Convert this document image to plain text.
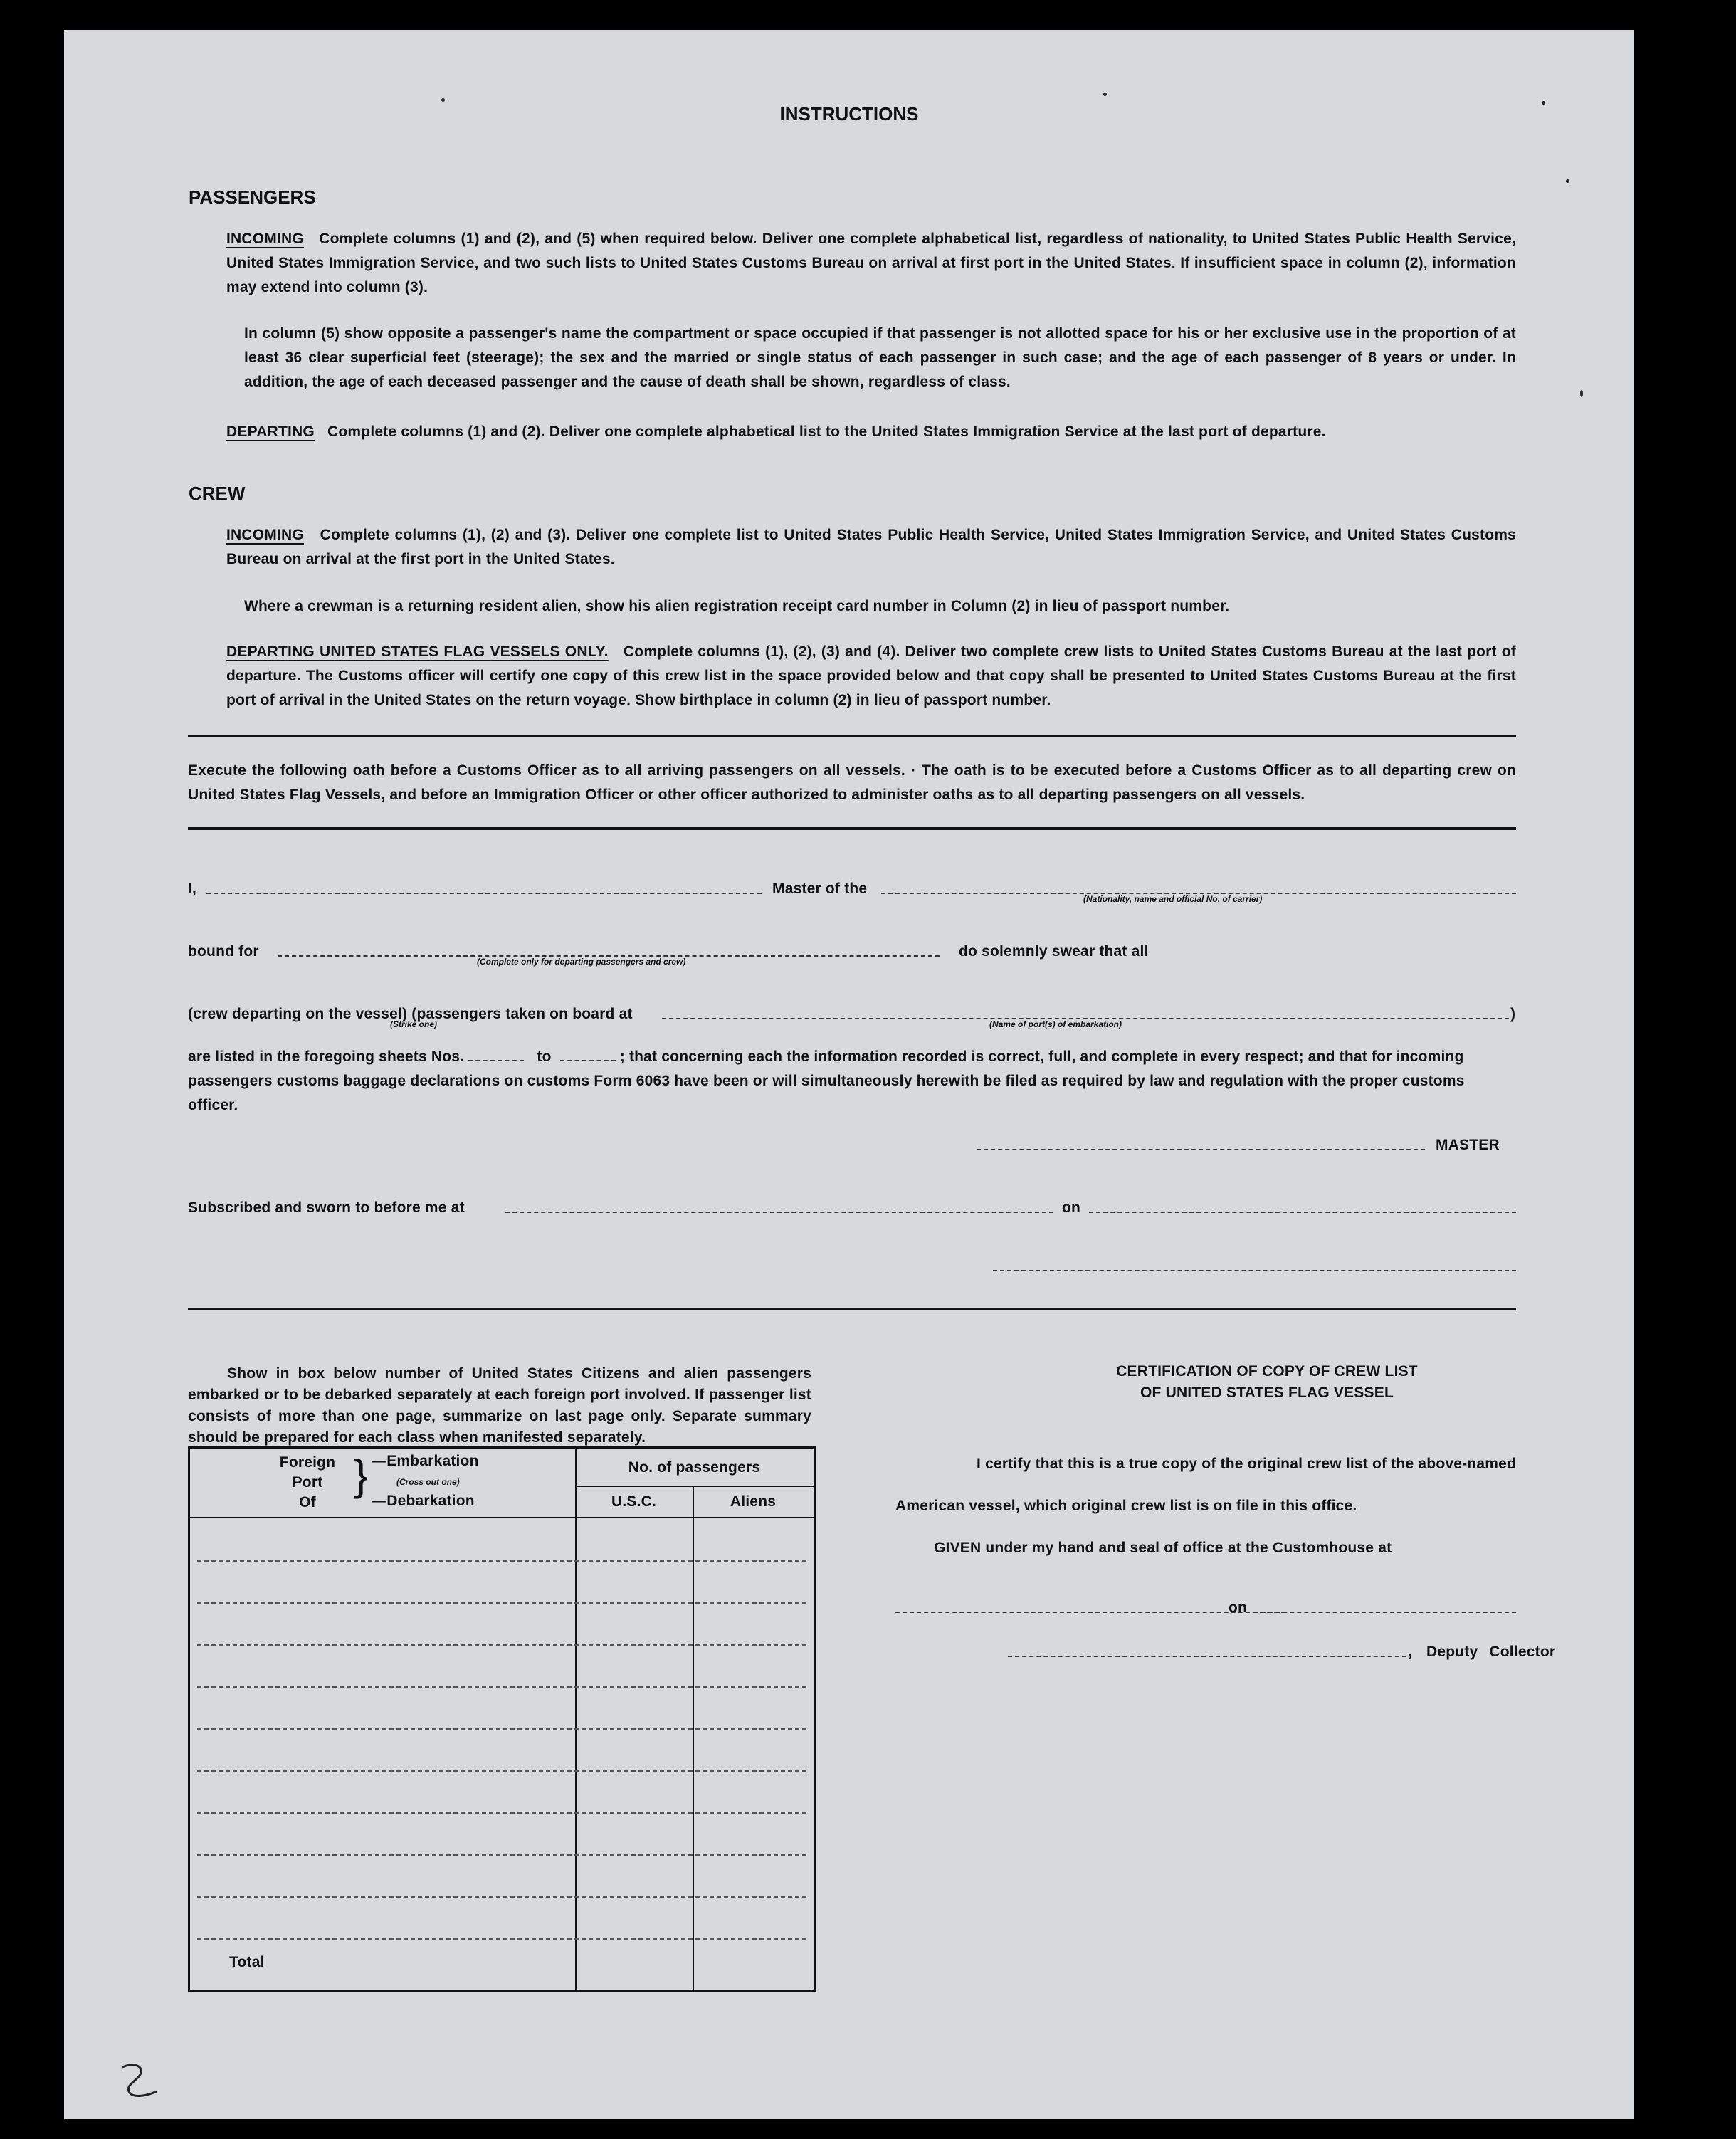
INSTRUCTIONS
PASSENGERS
INCOMING Complete columns (1) and (2), and (5) when required below. Deliver one complete alphabetical list, regardless of nationality, to United States Public Health Service, United States Immigration Service, and two such lists to United States Customs Bureau on arrival at first port in the United States. If insufficient space in column (2), information may extend into column (3).
In column (5) show opposite a passenger's name the compartment or space occupied if that passenger is not allotted space for his or her exclusive use in the proportion of at least 36 clear superficial feet (steerage); the sex and the married or single status of each passenger in such case; and the age of each passenger of 8 years or under. In addition, the age of each deceased passenger and the cause of death shall be shown, regardless of class.
DEPARTING Complete columns (1) and (2). Deliver one complete alphabetical list to the United States Immigration Service at the last port of departure.
CREW
INCOMING Complete columns (1), (2) and (3). Deliver one complete list to United States Public Health Service, United States Immigration Service, and United States Customs Bureau on arrival at the first port in the United States.
Where a crewman is a returning resident alien, show his alien registration receipt card number in Column (2) in lieu of passport number.
DEPARTING UNITED STATES FLAG VESSELS ONLY. Complete columns (1), (2), (3) and (4). Deliver two complete crew lists to United States Customs Bureau at the last port of departure. The Customs officer will certify one copy of this crew list in the space provided below and that copy shall be presented to United States Customs Bureau at the first port of arrival in the United States on the return voyage. Show birthplace in column (2) in lieu of passport number.
Execute the following oath before a Customs Officer as to all arriving passengers on all vessels. · The oath is to be executed before a Customs Officer as to all departing crew on United States Flag Vessels, and before an Immigration Officer or other officer authorized to administer oaths as to all departing passengers on all vessels.
I,	Master of the
(Nationality, name and official No. of carrier)
bound for
(Complete only for departing passengers and crew)
do solemnly swear that all
(crew departing on the vessel) (passengers taken on board at	)
(Strike one)	(Name of port(s) of embarkation)
are listed in the foregoing sheets Nos.	to	; that concerning each the information recorded is correct, full, and complete in every respect; and that for incoming passengers customs baggage declarations on customs Form 6063 have been or will simultaneously herewith be filed as required by law and regulation with the proper customs officer.
MASTER
Subscribed and sworn to before me at	on
Show in box below number of United States Citizens and alien passengers embarked or to be debarked separately at each foreign port involved. If passenger list consists of more than one page, summarize on last page only. Separate summary should be prepared for each class when manifested separately.
Foreign
Port
Of
} —Embarkation
(Cross out one)
—Debarkation
No. of passengers
U.S.C.	Aliens
Total
CERTIFICATION OF COPY OF CREW LIST
OF UNITED STATES FLAG VESSEL
I certify that this is a true copy of the original crew list of the above-named
American vessel, which original crew list is on file in this office.
GIVEN under my hand and seal of office at the Customhouse at
on
, Deputy Collector
